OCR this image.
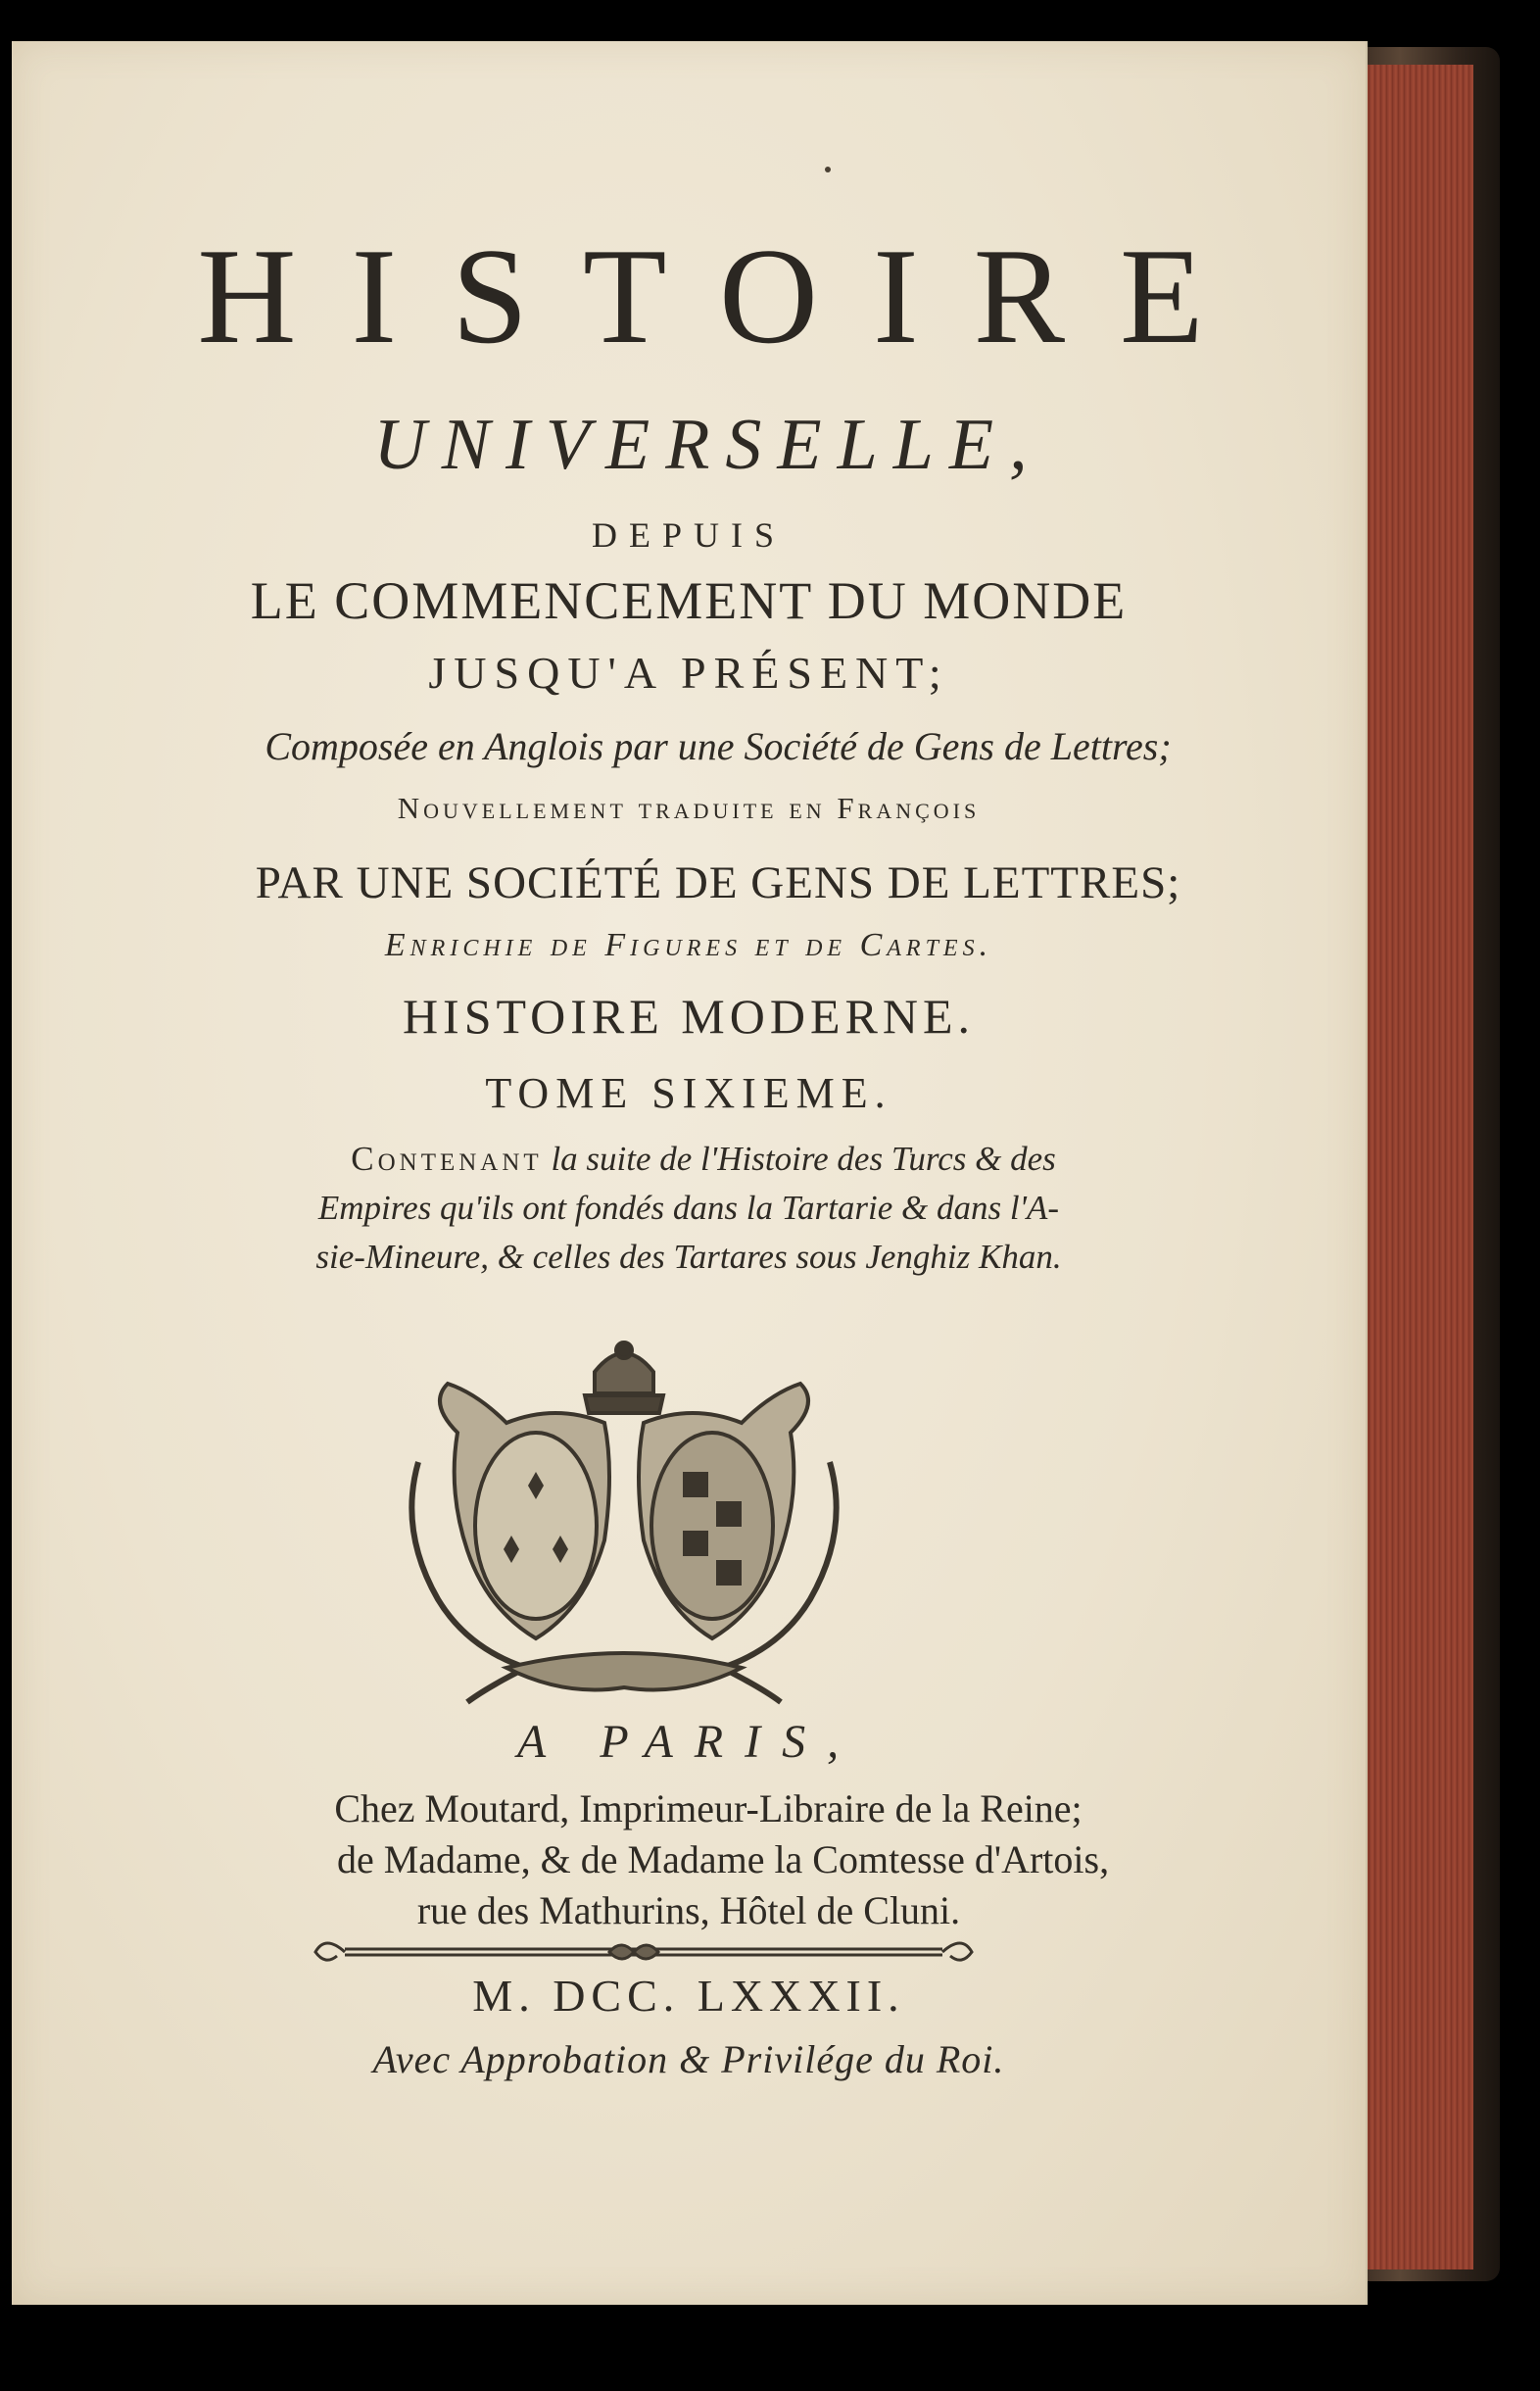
HISTOIRE
UNIVERSELLE,

DEPUIS

LE COMMENCEMENT DU MONDE

JUSQU'A PRÉSENT;

Composée en Anglois par une Société de Gens de Lettres;

Nouvellement traduite en François

PAR UNE SOCIÉTÉ DE GENS DE LETTRES;

Enrichie de Figures et de Cartes.

HISTOIRE MODERNE.

TOME SIXIEME.

Contenant la suite de l'Histoire des Turcs & des
Empires qu'ils ont fondés dans la Tartarie & dans l'A-
sie-Mineure, & celles des Tartares sous Jenghiz Khan.

A PARIS,

Chez Moutard, Imprimeur-Libraire de la Reine;
de Madame, & de Madame la Comtesse d'Artois,
rue des Mathurins, Hôtel de Cluni.

M. DCC. LXXXII.

Avec Approbation & Privilége du Roi.
